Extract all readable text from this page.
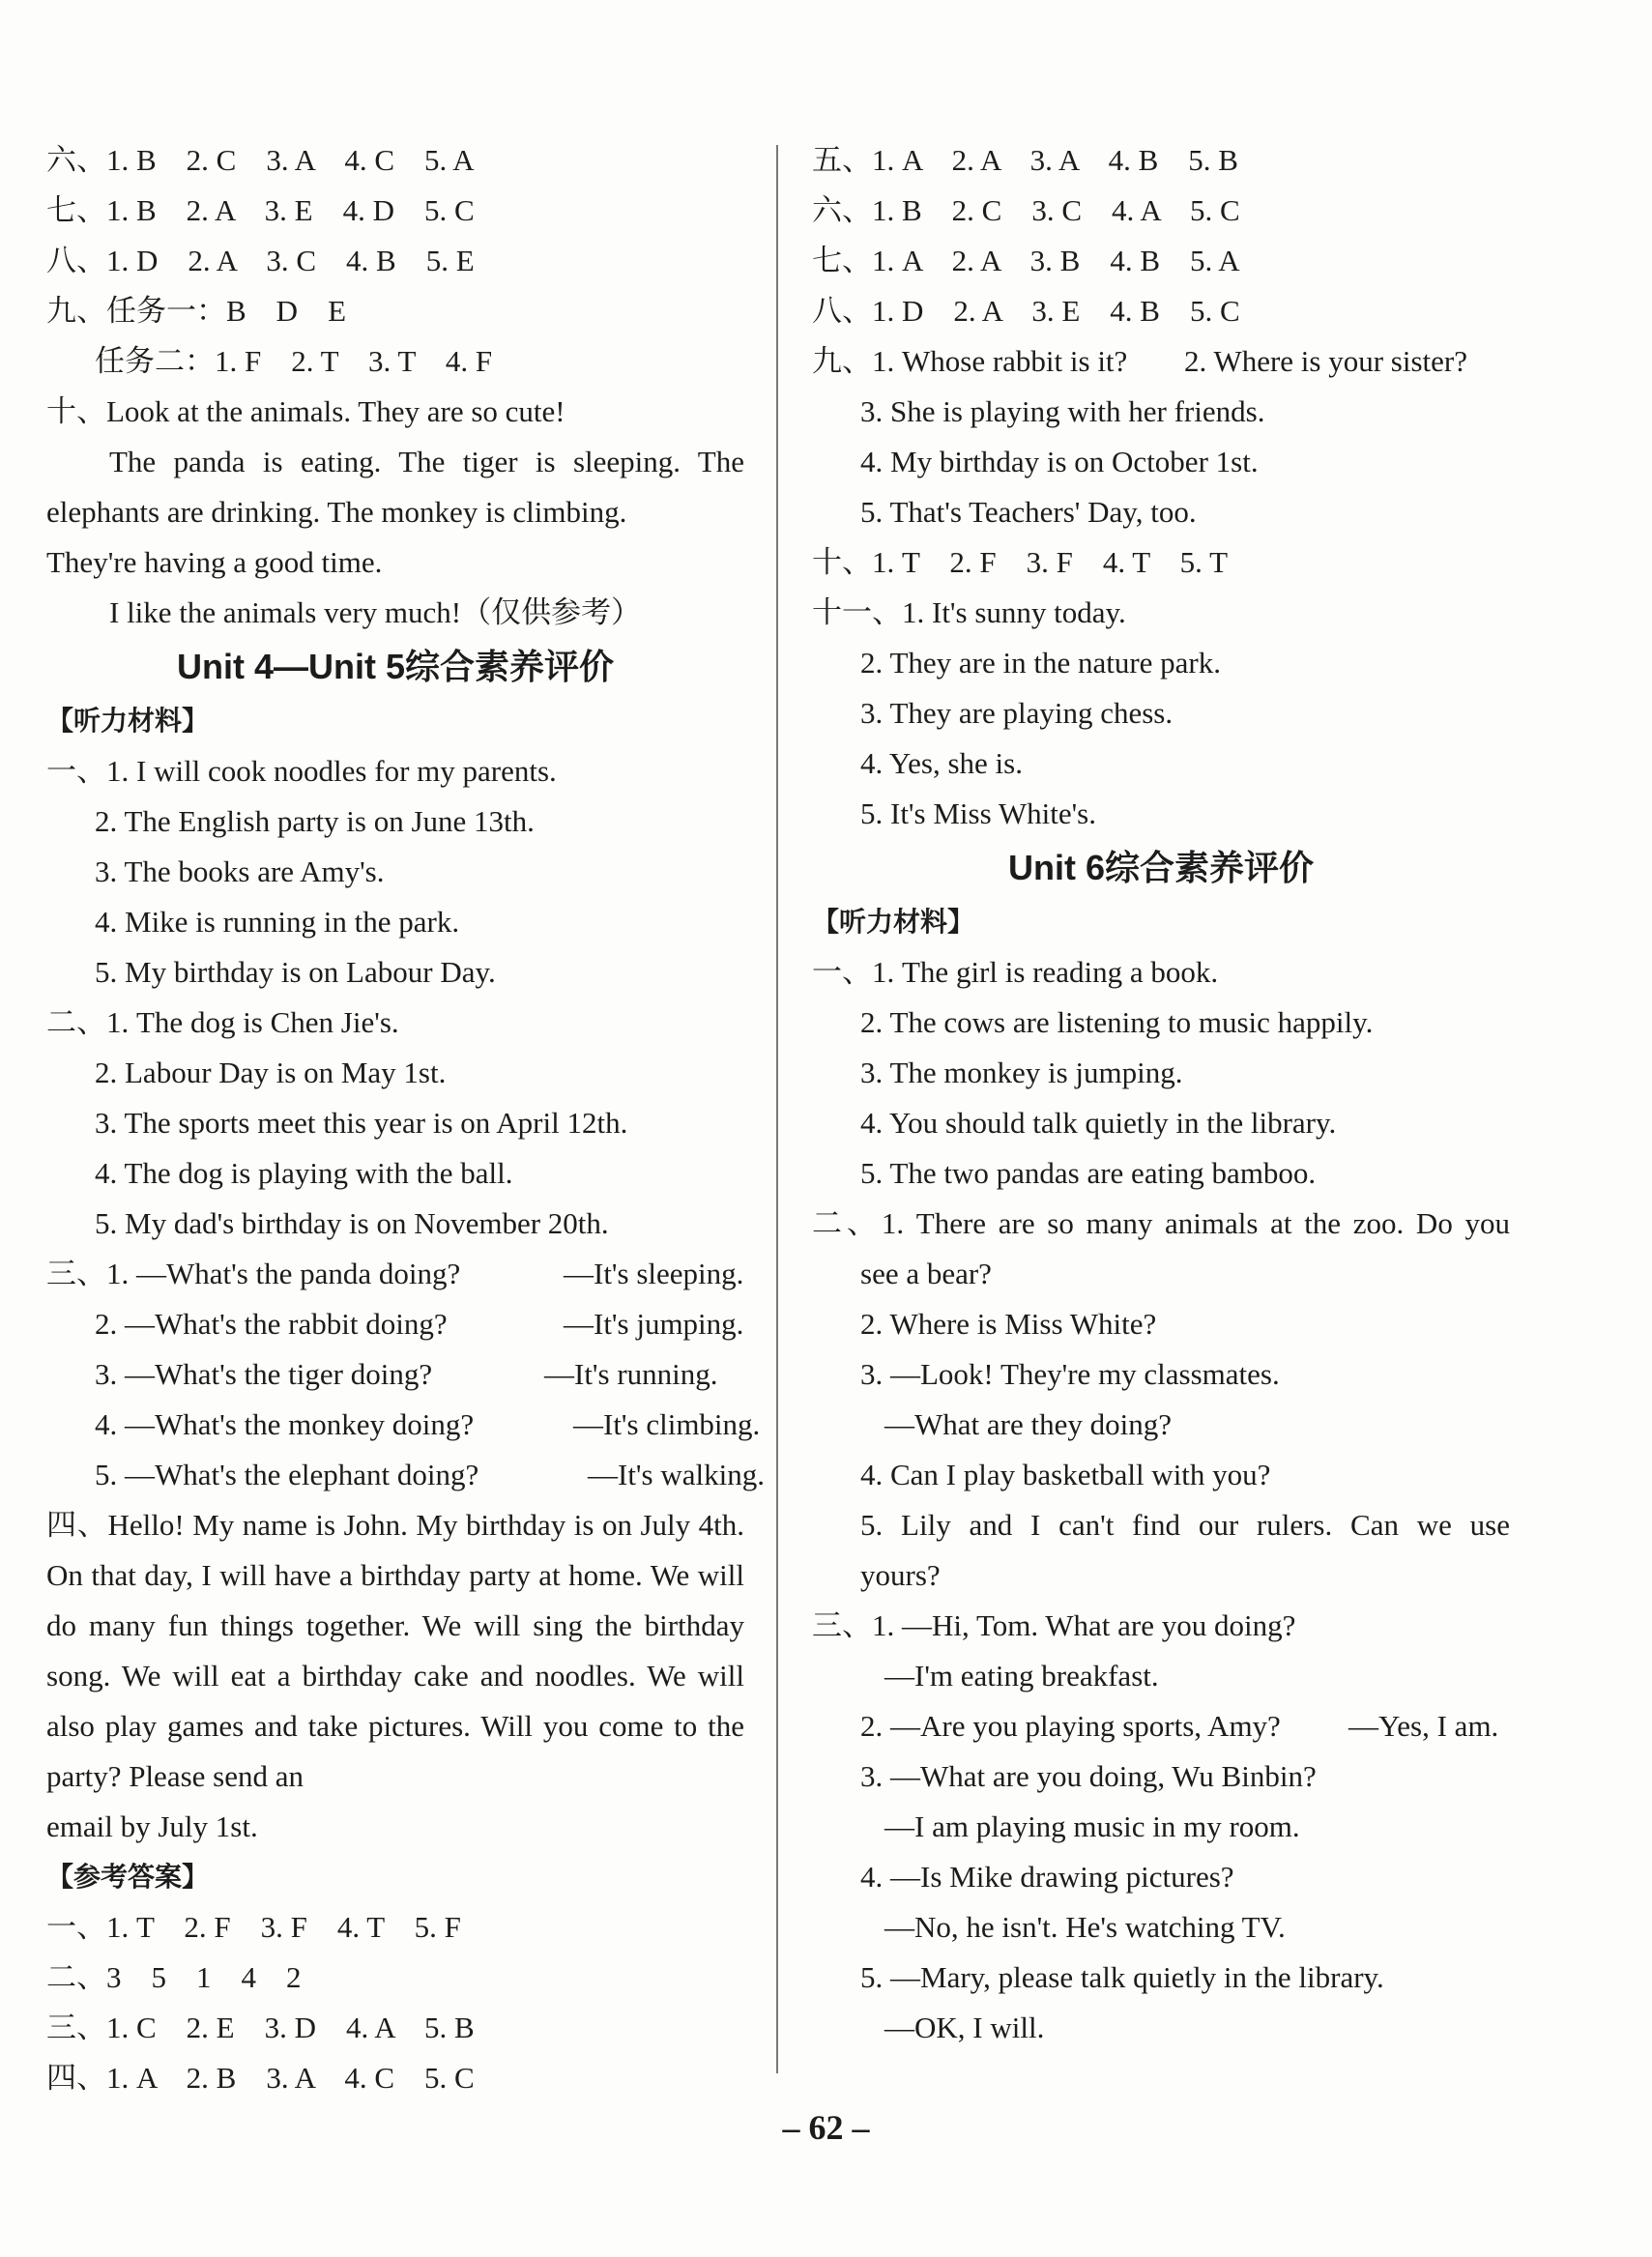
六、1. B　2. C　3. A　4. C　5. A
七、1. B　2. A　3. E　4. D　5. C
八、1. D　2. A　3. C　4. B　5. E
九、任务一：B　D　E
任务二：1. F　2. T　3. T　4. F
十、Look at the animals. They are so cute!
The panda is eating. The tiger is sleeping. The elephants are drinking. The monkey is climbing.
They're having a good time.
I like the animals very much!（仅供参考）
Unit 4—Unit 5综合素养评价
【听力材料】
一、1. I will cook noodles for my parents.
2. The English party is on June 13th.
3. The books are Amy's.
4. Mike is running in the park.
5. My birthday is on Labour Day.
二、1. The dog is Chen Jie's.
2. Labour Day is on May 1st.
3. The sports meet this year is on April 12th.
4. The dog is playing with the ball.
5. My dad's birthday is on November 20th.
三、1. —What's the panda doing?	—It's sleeping.
2. —What's the rabbit doing?	—It's jumping.
3. —What's the tiger doing?	—It's running.
4. —What's the monkey doing?	—It's climbing.
5. —What's the elephant doing?	—It's walking.
四、Hello! My name is John. My birthday is on July 4th. On that day, I will have a birthday party at home. We will do many fun things together. We will sing the birthday song. We will eat a birthday cake and noodles. We will also play games and take pictures. Will you come to the party? Please send an
email by July 1st.
【参考答案】
一、1. T　2. F　3. F　4. T　5. F
二、3　5　1　4　2
三、1. C　2. E　3. D　4. A　5. B
四、1. A　2. B　3. A　4. C　5. C
五、1. A　2. A　3. A　4. B　5. B
六、1. B　2. C　3. C　4. A　5. C
七、1. A　2. A　3. B　4. B　5. A
八、1. D　2. A　3. E　4. B　5. C
九、1. Whose rabbit is it? 2. Where is your sister?
3. She is playing with her friends.
4. My birthday is on October 1st.
5. That's Teachers' Day, too.
十、1. T　2. F　3. F　4. T　5. T
十一、1. It's sunny today.
2. They are in the nature park.
3. They are playing chess.
4. Yes, she is.
5. It's Miss White's.
Unit 6综合素养评价
【听力材料】
一、1. The girl is reading a book.
2. The cows are listening to music happily.
3. The monkey is jumping.
4. You should talk quietly in the library.
5. The two pandas are eating bamboo.
二、1. There are so many animals at the zoo. Do you
see a bear?
2. Where is Miss White?
3. —Look! They're my classmates.
—What are they doing?
4. Can I play basketball with you?
5. Lily and I can't find our rulers. Can we use
yours?
三、1. —Hi, Tom. What are you doing?
—I'm eating breakfast.
2. —Are you playing sports, Amy? —Yes, I am.
3. —What are you doing, Wu Binbin?
—I am playing music in my room.
4. —Is Mike drawing pictures?
—No, he isn't. He's watching TV.
5. —Mary, please talk quietly in the library.
—OK, I will.
– 62 –
